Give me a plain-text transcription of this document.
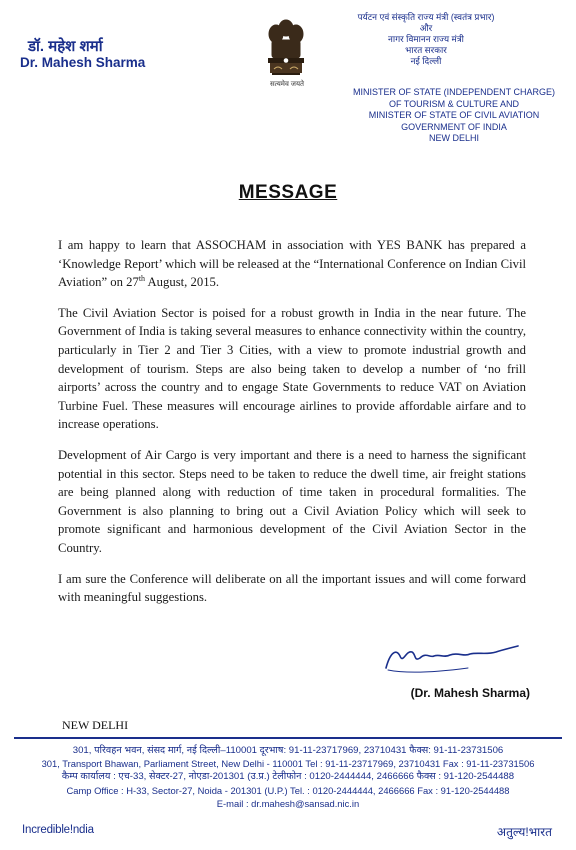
डॉ. महेश शर्मा
Dr. Mahesh Sharma
सत्यमेव जयते
पर्यटन एवं संस्कृति राज्य मंत्री (स्वतंत्र प्रभार)
और
नागर विमानन राज्य मंत्री
भारत सरकार
नई दिल्ली
MINISTER OF STATE (INDEPENDENT CHARGE)
OF TOURISM & CULTURE AND
MINISTER OF STATE OF CIVIL AVIATION
GOVERNMENT OF INDIA
NEW DELHI
MESSAGE

I am happy to learn that ASSOCHAM in association with YES BANK has prepared a ‘Knowledge Report’ which will be released at the “International Conference on Indian Civil Aviation” on 27th August, 2015.

The Civil Aviation Sector is poised for a robust growth in India in the near future. The Government of India is taking several measures to enhance connectivity within the country, particularly in Tier 2 and Tier 3 Cities, with a view to promote industrial growth and development of tourism. Steps are also being taken to develop a number of ‘no frill airports’ across the country and to engage State Governments to reduce VAT on Aviation Turbine Fuel. These measures will encourage airlines to provide affordable airfare and to increase operations.

Development of Air Cargo is very important and there is a need to harness the significant potential in this sector. Steps need to be taken to reduce the dwell time, air freight stations are being planned along with reduction of time taken in procedural formalities. The Government is also planning to bring out a Civil Aviation Policy which will seek to promote significant and harmonious development of the Civil Aviation Sector in the Country.

I am sure the Conference will deliberate on all the important issues and will come forward with meaningful suggestions.

(Dr. Mahesh Sharma)
NEW DELHI
301, परिवहन भवन, संसद मार्ग, नई दिल्ली–110001 दूरभाष: 91-11-23717969, 23710431 फैक्स: 91-11-23731506
301, Transport Bhawan, Parliament Street, New Delhi - 110001 Tel : 91-11-23717969, 23710431 Fax : 91-11-23731506
कैम्प कार्यालय : एच-33, सेक्टर-27, नोएडा-201301 (उ.प्र.) टेलीफोन : 0120-2444444, 2466666 फैक्स : 91-120-2544488
Camp Office : H-33, Sector-27, Noida - 201301 (U.P.) Tel. : 0120-2444444, 2466666 Fax : 91-120-2544488
E-mail : dr.mahesh@sansad.nic.in
Incredible!ndia	अतुल्य!भारत
